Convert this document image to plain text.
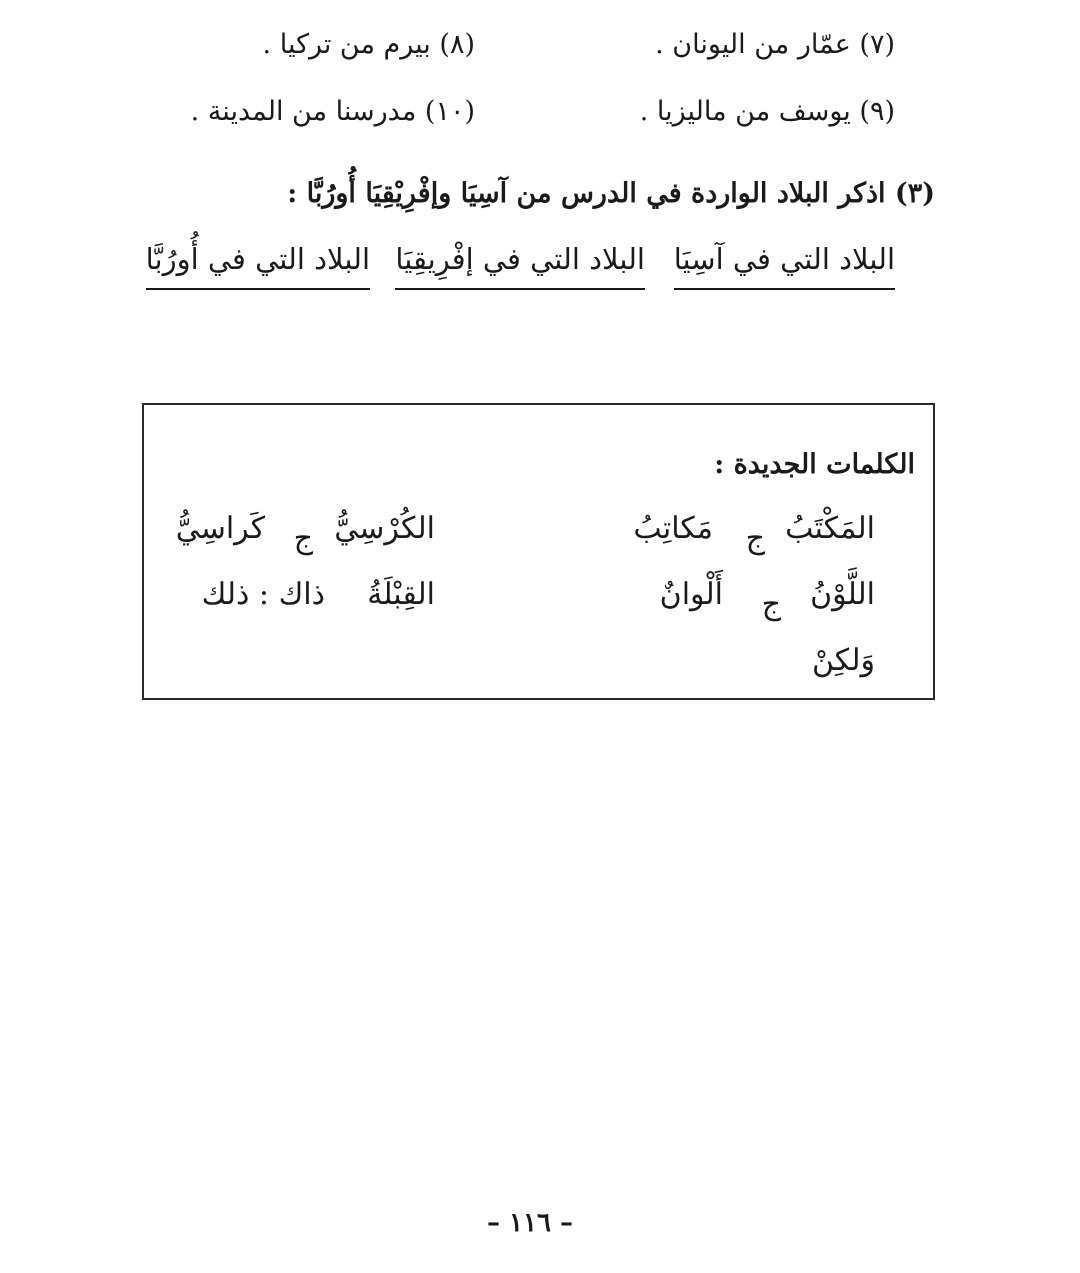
(٧) عمّار من اليونان .
(٨) بيرم من تركيا .
(٩) يوسف من ماليزيا .
(١٠) مدرسنا من المدينة .
(٣) اذكر البلاد الواردة في الدرس من آسِيَا وإفْرِيْقِيَا أُورُبَّا :
البلاد التي في آسِيَا
البلاد التي في إفْرِيقِيَا
البلاد التي في أُورُبَّا
الكلمات الجديدة :
المَكْتَبُ
ج
مَكاتِبُ
الكُرْسِيُّ
ج
كَراسِيُّ
اللَّوْنُ
ج
أَلْوانٌ
القِبْلَةُ
ذاك : ذلك
وَلكِنْ
– ١١٦ –
